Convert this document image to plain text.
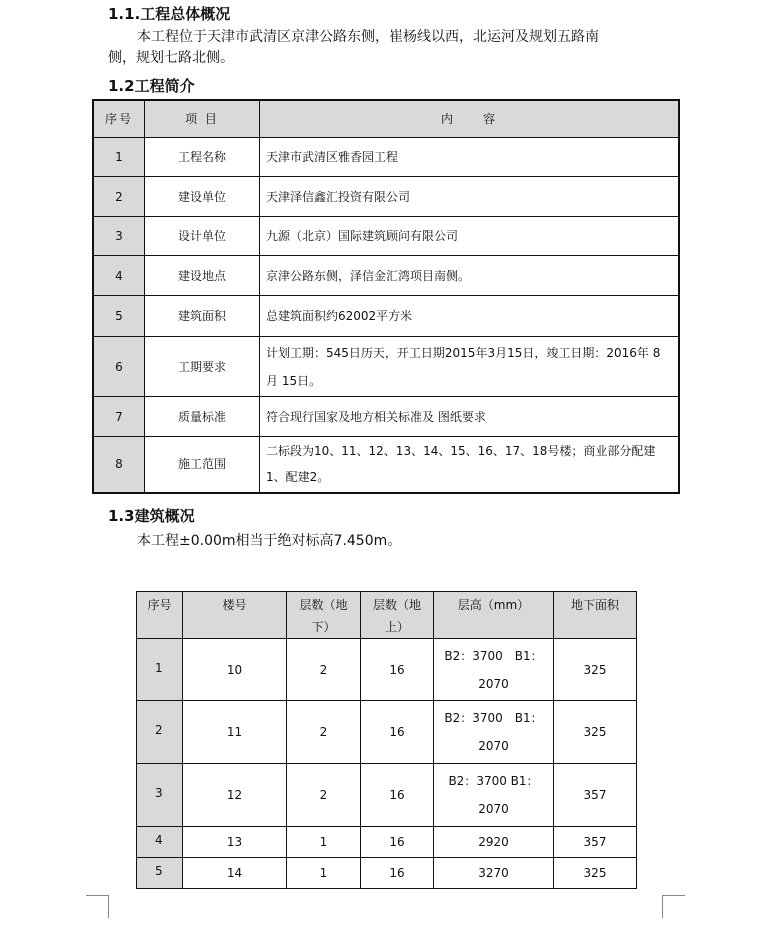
1.1.工程总体概况
本工程位于天津市武清区京津公路东侧，崔杨线以西，北运河及规划五路南
侧，规划七路北侧。
1.2工程简介
序号	项 目	内　　容
1	工程名称	天津市武清区雅香园工程
2	建设单位	天津泽信鑫汇投资有限公司
3	设计单位	九源（北京）国际建筑顾问有限公司
4	建设地点	京津公路东侧，泽信金汇湾项目南侧。
5	建筑面积	总建筑面积约62002平方米
6	工期要求	计划工期：545日历天，开工日期2015年3月15日，竣工日期：2016年 8月 15日。
7	质量标准	符合现行国家及地方相关标准及 图纸要求
8	施工范围	二标段为10、11、12、13、14、15、16、17、18号楼；商业部分配建1、配建2。
1.3建筑概况
本工程±0.00m相当于绝对标高7.450m。
序号	楼号	层数（地下）	层数（地上）	层高（mm）	地下面积
1	10	2	16	B2：3700　B1：2070	325
2	11	2	16	B2：3700　B1：2070	325
3	12	2	16	B2：3700 B1：2070	357
4	13	1	16	2920	357
5	14	1	16	3270	325
